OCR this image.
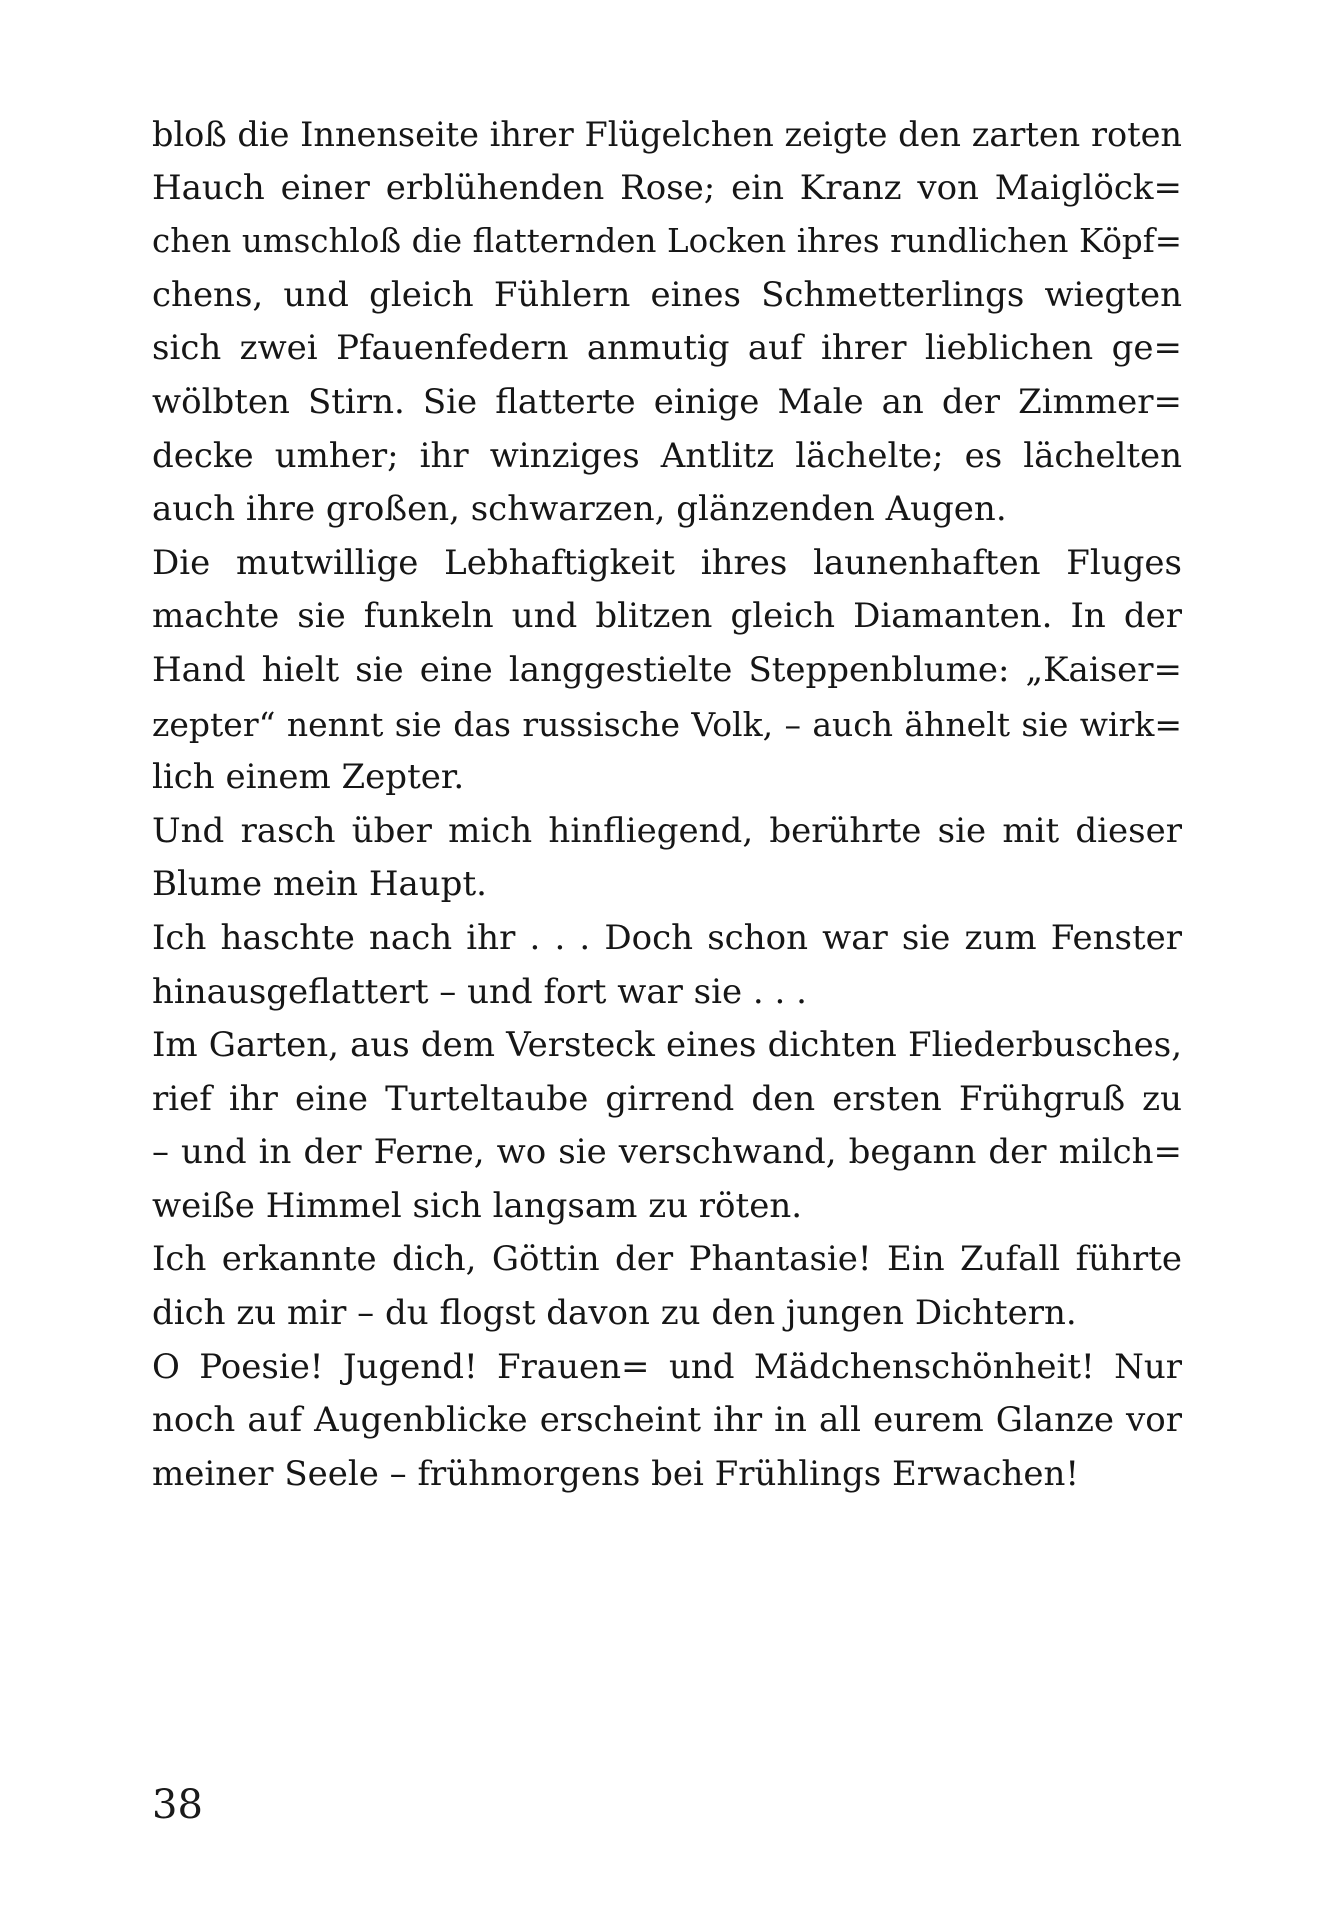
bloß die Innenseite ihrer Flügelchen zeigte den zarten roten
Hauch einer erblühenden Rose; ein Kranz von Maiglöck=
chen umschloß die flatternden Locken ihres rundlichen Köpf=
chens, und gleich Fühlern eines Schmetterlings wiegten
sich zwei Pfauenfedern anmutig auf ihrer lieblichen ge=
wölbten Stirn. Sie flatterte einige Male an der Zimmer=
decke umher; ihr winziges Antlitz lächelte; es lächelten
auch ihre großen, schwarzen, glänzenden Augen.
Die mutwillige Lebhaftigkeit ihres launenhaften Fluges
machte sie funkeln und blitzen gleich Diamanten. In der
Hand hielt sie eine langgestielte Steppenblume: „Kaiser=
zepter“ nennt sie das russische Volk, – auch ähnelt sie wirk=
lich einem Zepter.
Und rasch über mich hinfliegend, berührte sie mit dieser
Blume mein Haupt.
Ich haschte nach ihr . . . Doch schon war sie zum Fenster
hinausgeflattert – und fort war sie . . .
Im Garten, aus dem Versteck eines dichten Fliederbusches,
rief ihr eine Turteltaube girrend den ersten Frühgruß zu
– und in der Ferne, wo sie verschwand, begann der milch=
weiße Himmel sich langsam zu röten.
Ich erkannte dich, Göttin der Phantasie! Ein Zufall führte
dich zu mir – du flogst davon zu den jungen Dichtern.
O Poesie! Jugend! Frauen= und Mädchenschönheit! Nur
noch auf Augenblicke erscheint ihr in all eurem Glanze vor
meiner Seele – frühmorgens bei Frühlings Erwachen!
38
